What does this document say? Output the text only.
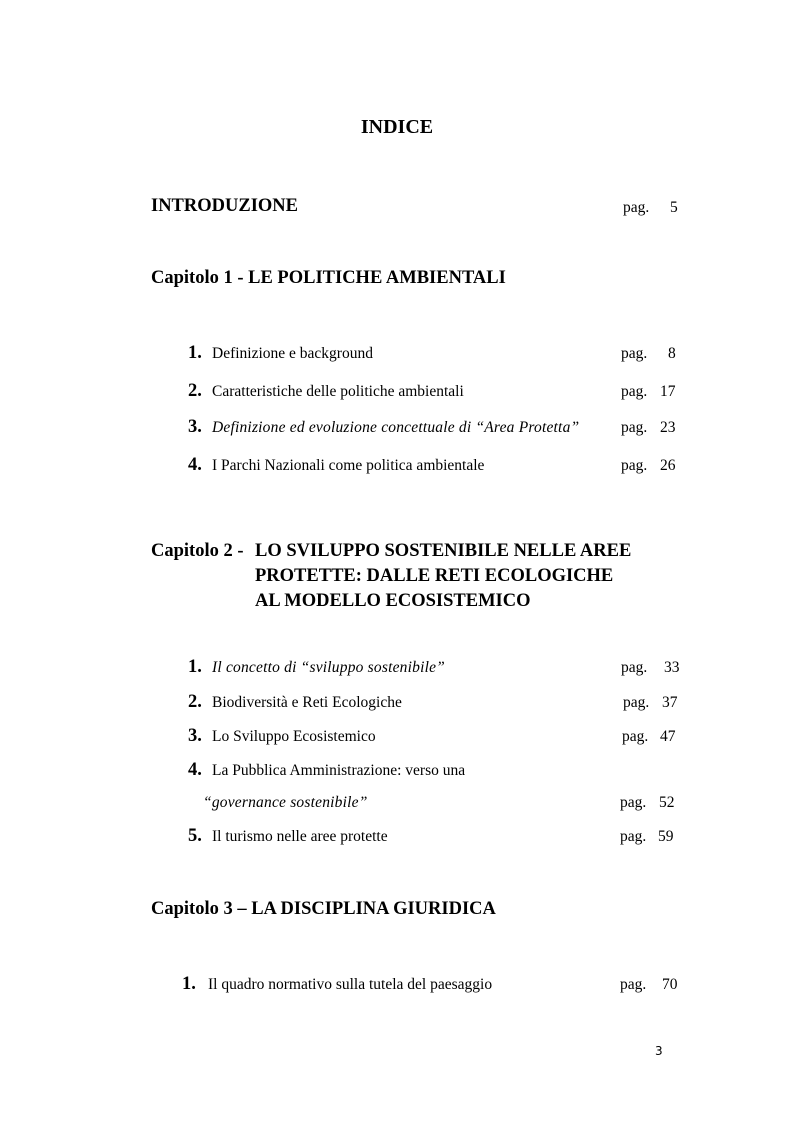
INDICE
INTRODUZIONE	pag. 5
Capitolo 1 - LE POLITICHE AMBIENTALI
1. Definizione e background	pag. 8
2. Caratteristiche delle politiche ambientali	pag. 17
3. Definizione ed evoluzione concettuale di “Area Protetta”	pag. 23
4. I Parchi Nazionali come politica ambientale	pag. 26
Capitolo 2 - LO SVILUPPO SOSTENIBILE NELLE AREE
PROTETTE: DALLE RETI ECOLOGICHE
AL MODELLO ECOSISTEMICO
1. Il concetto di “sviluppo sostenibile”	pag. 33
2. Biodiversità e Reti Ecologiche	pag. 37
3. Lo Sviluppo Ecosistemico	pag. 47
4. La Pubblica Amministrazione: verso una
“governance sostenibile”	pag. 52
5. Il turismo nelle aree protette	pag. 59
Capitolo 3 – LA DISCIPLINA GIURIDICA
1. Il quadro normativo sulla tutela del paesaggio	pag. 70
3
